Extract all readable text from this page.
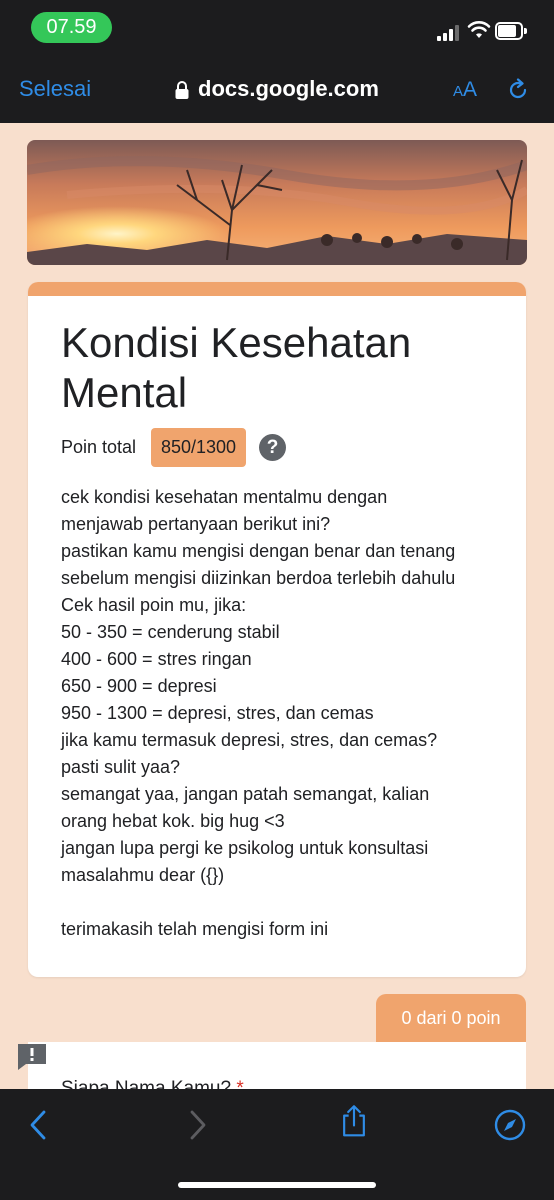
07.59
Selesai	docs.google.com	AA
Kondisi Kesehatan Mental
Poin total	850/1300	?
cek kondisi kesehatan mentalmu dengan
menjawab pertanyaan berikut ini?
pastikan kamu mengisi dengan benar dan tenang
sebelum mengisi diizinkan berdoa terlebih dahulu
Cek hasil poin mu, jika:
50 - 350 = cenderung stabil
400 - 600 = stres ringan
650 - 900 = depresi
950 - 1300 = depresi, stres, dan cemas
jika kamu termasuk depresi, stres, dan cemas?
pasti sulit yaa?
semangat yaa, jangan patah semangat, kalian
orang hebat kok. big hug <3
jangan lupa pergi ke psikolog untuk konsultasi
masalahmu dear ({})
terimakasih telah mengisi form ini
0 dari 0 poin
